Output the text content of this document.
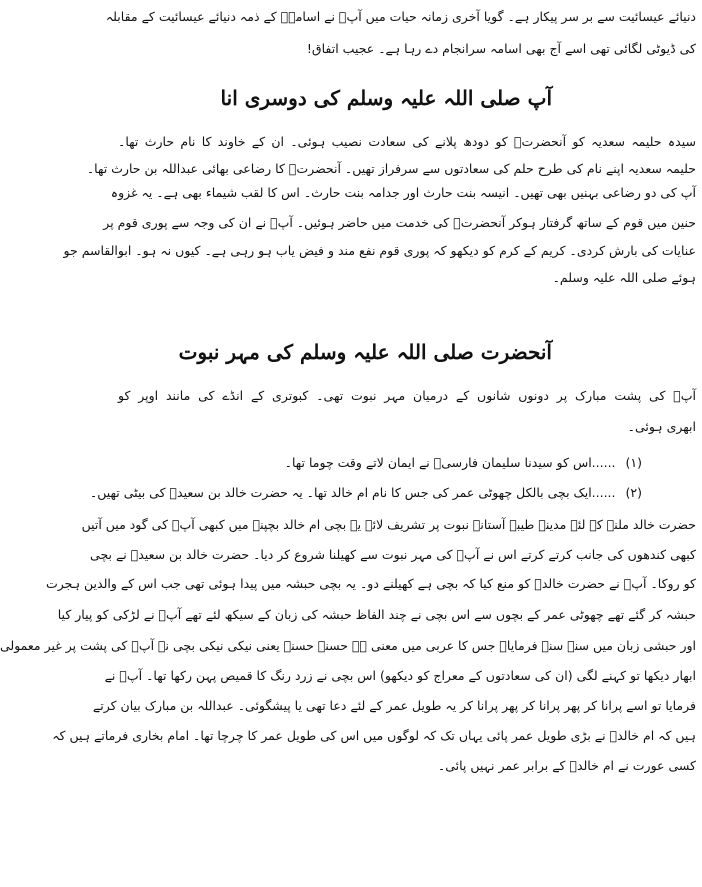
دنیائے عیسائیت سے بر سر پیکار ہے۔ گویا آخری زمانہ حیات میں آپؐ نے اسامہؓ کے ذمہ دنیائے عیسائیت کے مقابلہ
کی ڈیوٹی لگائی تھی اسے آج بھی اسامہ سرانجام دے رہا ہے۔ عجیب اتفاق!
آپ صلی اللہ علیہ وسلم کی دوسری انا
سیدہ حلیمہ سعدیہ کو آنحضرتؐ کو دودھ پلانے کی سعادت نصیب ہوئی۔ ان کے خاوند کا نام حارث تھا۔
حلیمہ سعدیہ اپنے نام کی طرح حلم کی سعادتوں سے سرفراز تھیں۔ آنحضرتؐ کا رضاعی بھائی عبداللہ بن حارث تھا۔
آپ کی دو رضاعی بہنیں بھی تھیں۔ انیسہ بنت حارث اور جدامہ بنت حارث۔ اس کا لقب شیماء بھی ہے۔ یہ غزوہ
حنین میں قوم کے ساتھ گرفتار ہوکر آنحضرتؐ کی خدمت میں حاضر ہوئیں۔ آپؐ نے ان کی وجہ سے پوری قوم پر
عنایات کی بارش کردی۔ کریم کے کرم کو دیکھو کہ پوری قوم نفع مند و فیض یاب ہو رہی ہے۔ کیوں نہ ہو۔ ابوالقاسم جو
ہوئے صلی اللہ علیہ وسلم۔
آنحضرت صلی اللہ علیہ وسلم کی مہر نبوت
آپؐ کی پشت مبارک پر دونوں شانوں کے درمیان مہر نبوت تھی۔ کبوتری کے انڈے کی مانند اوپر کو
ابھری ہوئی۔
(۱) ......اس کو سیدنا سلیمان فارسیؓ نے ایمان لاتے وقت چوما تھا۔
(۲) ......ایک بچی بالکل چھوٹی عمر کی جس کا نام ام خالد تھا۔ یہ حضرت خالد بن سعیدؓ کی بیٹی تھیں۔
حضرت خالد ملنے کے لئے مدینہ طیبہ آستانہ نبوت پر تشریف لائے یہ بچی ام خالد بچپنے میں کبھی آپؐ کی گود میں آتیں
کبھی کندھوں کی جانب کرتے کرتے اس نے آپؐ کی مہر نبوت سے کھیلنا شروع کر دیا۔ حضرت خالد بن سعیدؓ نے بچی
کو روکا۔ آپؐ نے حضرت خالدؓ کو منع کیا کہ بچی ہے کھیلنے دو۔ یہ بچی حبشہ میں پیدا ہوئی تھی جب اس کے والدین ہجرت
حبشہ کر گئے تھے چھوٹی عمر کے بچوں سے اس بچی نے چند الفاظ حبشہ کی زبان کے سیکھ لئے تھے آپؐ نے لڑکی کو پیار کیا
اور حبشی زبان میں سنہ سنہ فرمایا۔ جس کا عربی میں معنی ہے حسنہ حسنہ یعنی نیکی نیکی بچی نے آپؐ کی پشت پر غیر معمولی
ابھار دیکھا تو کہنے لگی (ان کی سعادتوں کے معراج کو دیکھو) اس بچی نے زرد رنگ کا قمیص پہن رکھا تھا۔ آپؐ نے
فرمایا تو اسے پرانا کر پھر پرانا کر پھر پرانا کر یہ طویل عمر کے لئے دعا تھی یا پیشگوئی۔ عبداللہ بن مبارک بیان کرتے
ہیں کہ ام خالدؓ نے بڑی طویل عمر پائی یہاں تک کہ لوگوں میں اس کی طویل عمر کا چرچا تھا۔ امام بخاری فرماتے ہیں کہ
کسی عورت نے ام خالدؓ کے برابر عمر نہیں پائی۔
